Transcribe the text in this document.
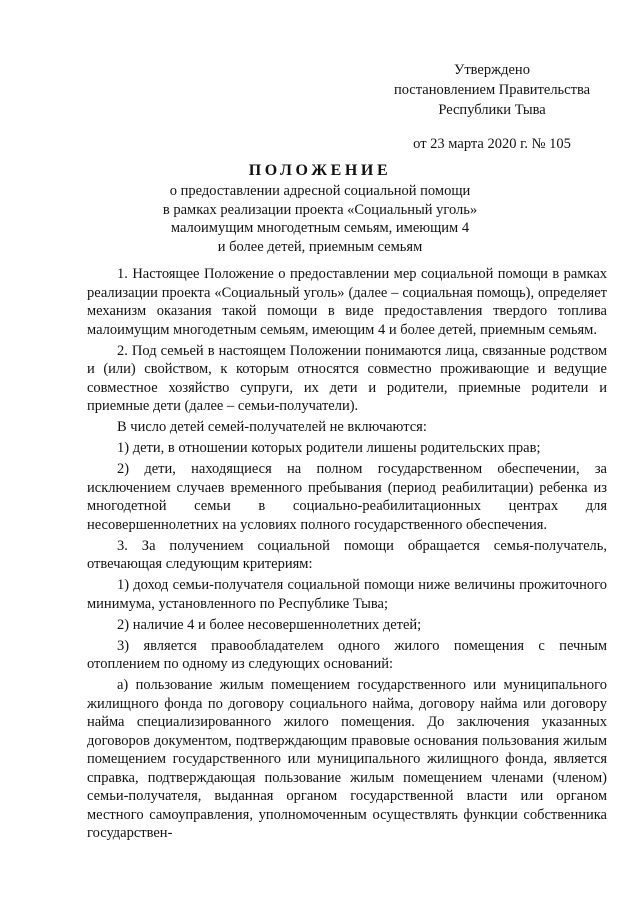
Утверждено
постановлением Правительства
Республики Тыва
от 23 марта 2020 г. № 105
ПОЛОЖЕНИЕ
о предоставлении адресной социальной помощи
в рамках реализации проекта «Социальный уголь»
малоимущим многодетным семьям, имеющим 4
и более детей, приемным семьям

1. Настоящее Положение о предоставлении мер социальной помощи в рамках реализации проекта «Социальный уголь» (далее – социальная помощь), определяет механизм оказания такой помощи в виде предоставления твердого топлива малоимущим многодетным семьям, имеющим 4 и более детей, приемным семьям.

2. Под семьей в настоящем Положении понимаются лица, связанные родством и (или) свойством, к которым относятся совместно проживающие и ведущие совместное хозяйство супруги, их дети и родители, приемные родители и приемные дети (далее – семьи-получатели).

В число детей семей-получателей не включаются:

1) дети, в отношении которых родители лишены родительских прав;

2) дети, находящиеся на полном государственном обеспечении, за исключением случаев временного пребывания (период реабилитации) ребенка из многодетной семьи в социально-реабилитационных центрах для несовершеннолетних на условиях полного государственного обеспечения.

3. За получением социальной помощи обращается семья-получатель, отвечающая следующим критериям:

1) доход семьи-получателя социальной помощи ниже величины прожиточного минимума, установленного по Республике Тыва;

2) наличие 4 и более несовершеннолетних детей;

3) является правообладателем одного жилого помещения с печным отоплением по одному из следующих оснований:

а) пользование жилым помещением государственного или муниципального жилищного фонда по договору социального найма, договору найма или договору найма специализированного жилого помещения. До заключения указанных договоров документом, подтверждающим правовые основания пользования жилым помещением государственного или муниципального жилищного фонда, является справка, подтверждающая пользование жилым помещением членами (членом) семьи-получателя, выданная органом государственной власти или органом местного самоуправления, уполномоченным осуществлять функции собственника государствен-
